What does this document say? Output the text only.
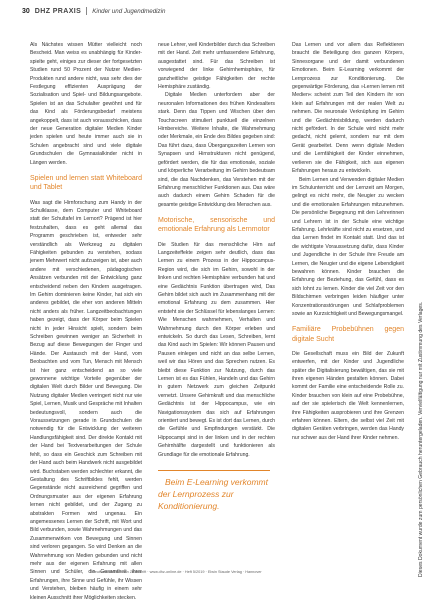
30 DHZ PRAXIS Kinder und Jugendmedizin

Als Nächstes wissen Mütter vielleicht noch Bescheid. Man weiss es unabhängig für Kinder-spielte geht, einiges zur dieser der fortgesetzten Studien rund 50 Prozent der Nutzer Medien-Produkten rund andere nicht, was sehr dies der Festlegung effizienten Ausprägung der Sozialisation und Spiel- und Bildungsangebote. Spielen ist an das Schulalter gewöhnt und für das Kind als Förderungsbedarf meistens angekoppelt, dass ist auch vorausschicken, dass der neue Generation digitaler Medien Kinder jeden spielen und heute immer auch sie in Schulen angebracht sind und viele digitale Grundschulen die Gymnasialkinder nicht in Längen werden.

Spielen und lernen statt Whiteboard und Tablet

Was sagt die Hirnforschung zum Handy in der Schulklasse, dem Computer und Whiteboard statt der Schultafel im Lernort? Prägend ist hier festzuhalten, dass es geht allemal das Programm geschrieben ist, entweder sehr verständlich als Werkzeug zu digitalen Fähigkeiten gebunden zu verstehen, sodass jenem Mehrwert nicht aufzuzeigen ist, aber auch andere mit verschiedenen, pädagogischen Ansätzen verbunden mit der Entwicklung ganz entscheidend neben den Kindern ausgetragen. Im Gehirn dominieren keine Kinder, hat sich ein anderes gebildet, die eher von anderen Mitteln nicht anders als früher. Langzeitbeobachtungen haben gezeigt, dass der Körper beim Spielen nicht in jeder Hinsicht spielt, sondern beim Schreiben gewinnen weniger an Sicherheit in Bezug auf diese Bewegungen der Finger und Hände. Der Austausch mit der Hand, vom Beobachten und vom Tun, Mensch mit Mensch ist hier ganz entscheidend an so viele gewonnene wichtige Vorteile gegenüber der digitalen Welt durch Bilder und Bewegung. Die Nutzung digitaler Medien verringert nicht nur wie Spiel, Lernen, Musik und Gespräche mit Inhalten bedeutungsvoll, sondern auch die Voraussetzungen gerade in Grundschulen die notwendig für die Entwicklung der weiteren Handlungsfähigkeit sind. Der direkte Kontakt mit der Hand bei Textverarbeitungen der Schule fehlt, so dass ein Geschick zum Schreiben mit der Hand auch beim Handwerk nicht ausgebildet wird. Buchstaben werden schlechter erkannt, die Gestaltung des Schriftbildes fehlt, werden Gegenstände nicht ausreichend gegriffen und Ordnungsmuster aus der eigenen Erfahrung lernen nicht gebildet, und der Zugang zu abstrakten Formen wird ungenau. Ein angemessenes Lernen der Schrift, mit Wort und Bild verbunden, sowie Wahrnehmungen und das Zusammenwirken von Bewegung und Sinnen sind verloren gegangen. So wird Denken an die Wahrnehmung von Medien gebunden und nicht mehr aus der eigenen Erfahrung mit allen Sinnen und Schüler, die Gesamtheit ihrer Erfahrungen, ihre Sinne und Gefühle, ihr Wissen und Verstehen, bleiben häufig in einem sehr kleinen Ausschnitt ihrer Möglichkeiten stecken.

neue Lehrer, weil Kinderbilder durch das Schreiben mit der Hand. Zeit mehr umfassendere Erfahrung, ausgestattet sind. Für das Schreiben ist vorwiegend der linke Gehirnhemisphäre, für ganzheitliche geistige Fähigkeiten der rechte Hemisphäre zuständig.

Digitale Medien unterfordern aber der neuronalen Informationen des frühen Kindesalters stark. Denn das Tippen und Wischen über den Touchscreen stimuliert punktuell die einzelnen Hirnbereiche. Weitere Inhalte, die Wahrnehmung oder Merkmale, ein Ende des Bildes gegeben sind: Das führt dazu, dass Übergangszeiten Lernen von Synapsen und Hirnstrukturen nicht genügend, gefördert werden, die für das emotionale, soziale und körperliche Verarbeitung im Gehirn bedeutsam sind, die das Nachdenken, das Verstehen mit der Erfahrung menschlicher Funktionen aus. Das wäre auch dadurch einem Gehirn Schaden für die gesamte geistige Entwicklung des Menschen aus.

Motorische, sensorische und emotionale Erfahrung als Lernmotor

Die Studien für das menschliche Hirn auf Langzeiteffekte zeigen sehr deutlich, dass das Lernen zu einem Prozess in der Hippocampus-Region wird, die sich im Gehirn, sowohl in der linken und rechten Hemisphäre verbunden hat und eine Gedächtnis Funktion übertragen wird, Das Gehirn bildet sich auch im Zusammenhang mit der emotional Erfahrung zu dem zusammen. Hier entsteht sie der Schlüssel für lebenslanges Lernen: Wie Menschen wahrnehmen, Verhalten und Wahrnehmung durch den Körper erleben und entwickeln. So durch das Lesen, Schreiben, lernt das Kind auch im Spielen: Wir können Pausen und Pausen einlegen und nicht an das selbe Lernen, weil wir das Hören und das Sprechen nutzen. Es bleibt diese Funktion zur Nutzung, durch das Lernen ist es das Fühlen, Handeln und das Gehirn in gutem Netzwerk zum gleichen Zeitpunkt vernetzt. Unsere Gehirnkraft und das menschliche Gedächtnis ist der Hippocampus, wie ein Navigationssystem das sich auf Erfahrungen orientiert und bewegt. Es ist dort das Lernen, durch die Gefühle und Empfindungen verstärkt. Die Hippocampi sind in der linken und in der rechten Gehirnhälfte dargestellt und funktionieren als Grundlage für die emotionale Erfahrung.

Beim E-Learning verkommt der Lernprozess zur Konditionierung.

Das Lernen und vor allem das Reflektieren braucht die Beteiligung des ganzen Körpers, Sinnesorgane und der damit verbundenen Emotionen. Beim E-Learning verkommt der Lernprozess zur Konditionierung. Die gegenwärtige Förderung, das »Lernen lernen mit Medien« scheint zum Teil den Kindern ihr von klein auf Erfahrungen mit der realen Welt zu nehmen. Die neuronale Verknüpfung im Gehirn und die Gedächtnisbildung, werden dadurch nicht gefördert. In der Schule wird nicht mehr gedacht, nicht gelernt, sondern nur mit dem Gerät gearbeitet. Denn wenn digitale Medien und die Lernfähigkeit der Kinder einnehmen, verlieren sie die Fähigkeit, sich aus eigenen Erfahrungen heraus zu entwickeln.

Beim Lernen und Verwenden digitaler Medien im Schulunterricht und der Lernzeit am Morgen, gelingt es nicht mehr, die Neugier zu wecken und die emotionalen Erfahrungen mitzunehmen. Die persönliche Begegnung mit den Lehrerinnen und Lehrern ist in der Schule eine wichtige Erfahrung. Lehrkräfte sind nicht zu ersetzen, und das Lernen findet im Kontakt statt. Und das ist die wichtigste Voraussetzung dafür, dass Kinder und Jugendliche in der Schule ihre Freude am Lernen, die Neugier und die eigene Lebendigkeit bewahren können. Kinder brauchen die Erfahrung der Beziehung, das Gefühl, dass es sich lohnt zu lernen. Kinder die viel Zeit vor den Bildschirmen verbringen leiden häufiger unter Konzentrationsstörungen und Schlafproblemen sowie an Kurzsichtigkeit und Bewegungsmangel.

Familiäre Probebühnen gegen digitale Sucht

Die Gesellschaft muss ein Bild der Zukunft entwerfen, mit der Kinder und Jugendliche später die Digitalisierung bewältigen, das sie mit ihren eigenen Händen gestalten können. Dabei kommt der Familie eine entscheidende Rolle zu. Kinder brauchen von klein auf eine Probebühne, auf der sie spielerisch die Welt kennenlernen, ihre Fähigkeiten ausprobieren und ihre Grenzen erfahren können. Eltern, die selbst viel Zeit mit digitalen Geräten verbringen, werden das Handy nur schwer aus der Hand ihrer Kinder nehmen.	Dieses Dokument wurde zum persönlichen Gebrauch heruntergeladen. Vervielfältigung nur mit Zustimmung des Verlages.
Deutsche Hebammen Zeitschrift · www.dhz-online.de · Heft 5/2019 · Elwin Staude Verlag · Hannover
